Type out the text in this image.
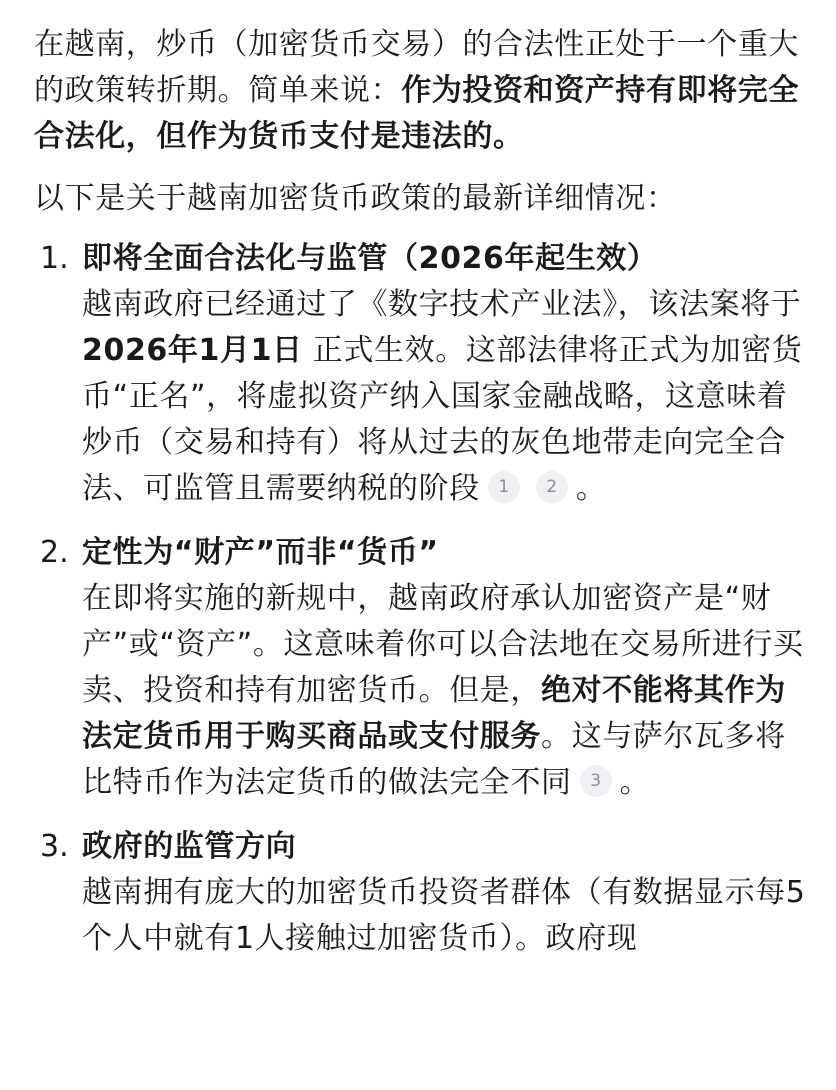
在越南，炒币（加密货币交易）的合法性正处于一个重大的政策转折期。简单来说：作为投资和资产持有即将完全合法化，但作为货币支付是违法的。

以下是关于越南加密货币政策的最新详细情况：

1. 即将全面合法化与监管（2026年起生效）

越南政府已经通过了《数字技术产业法》，该法案将于 2026年1月1日 正式生效。这部法律将正式为加密货币“正名”，将虚拟资产纳入国家金融战略，这意味着炒币（交易和持有）将从过去的灰色地带走向完全合法、可监管且需要纳税的阶段 1 2 。

2. 定性为“财产”而非“货币”

在即将实施的新规中，越南政府承认加密资产是“财产”或“资产”。这意味着你可以合法地在交易所进行买卖、投资和持有加密货币。但是，绝对不能将其作为法定货币用于购买商品或支付服务。这与萨尔瓦多将比特币作为法定货币的做法完全不同 3 。

3. 政府的监管方向

越南拥有庞大的加密货币投资者群体（有数据显示每5个人中就有1人接触过加密货币）。政府现
